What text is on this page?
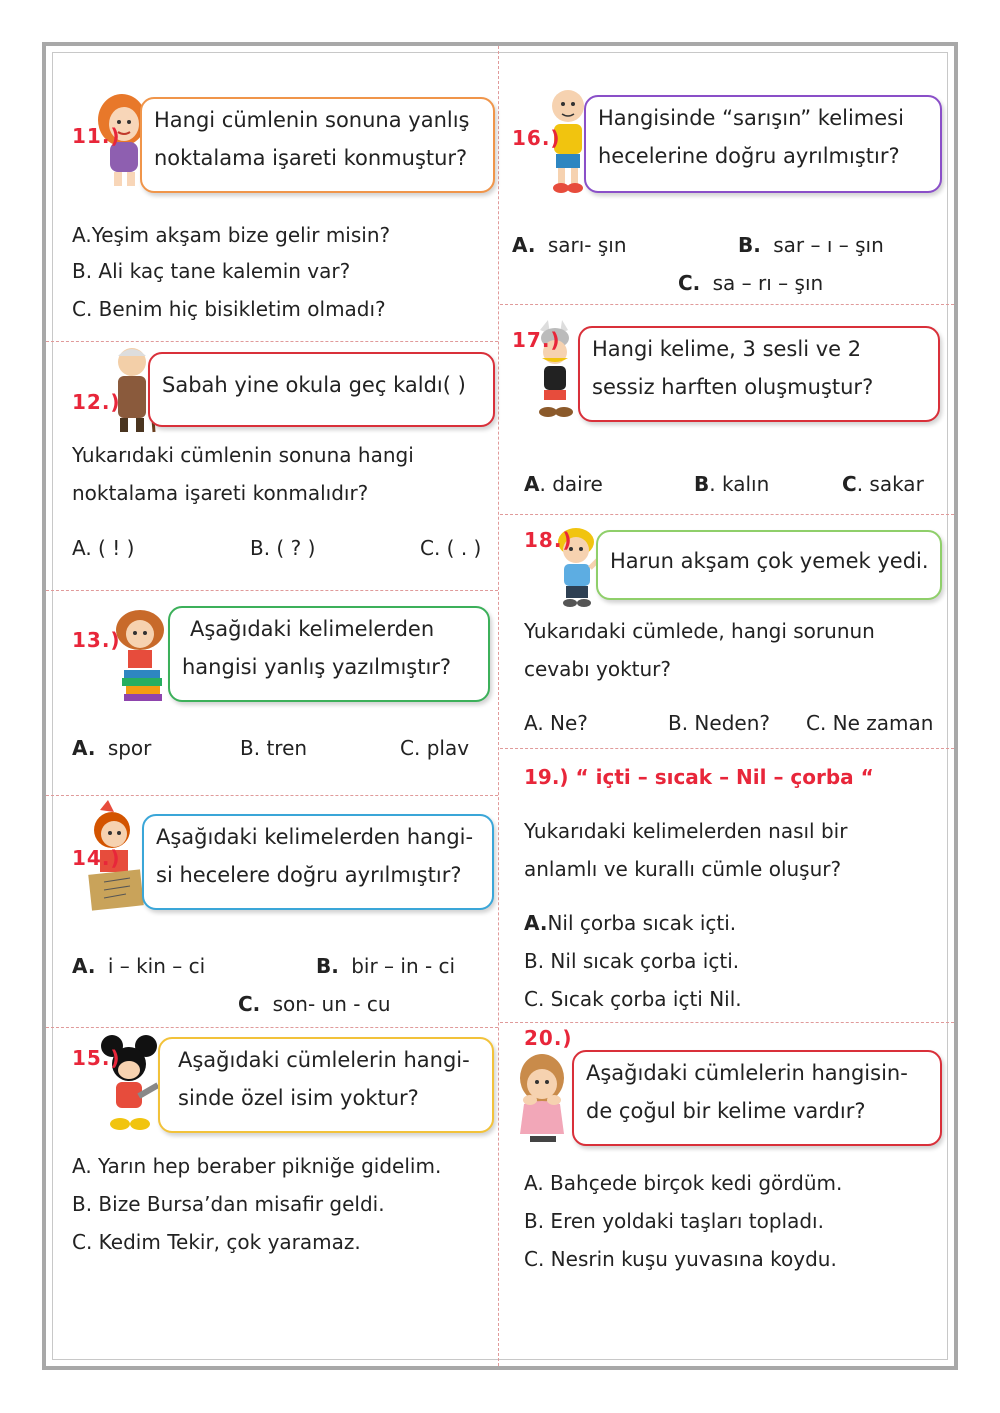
11.)
Hangi cümlenin sonuna yanlış
noktalama işareti konmuştur?
A.Yeşim akşam bize gelir misin?
B. Ali kaç tane kalemin var?
C. Benim hiç bisikletim olmadı?
12.)
Sabah yine okula geç kaldı( )
Yukarıdaki cümlenin sonuna hangi
noktalama işareti konmalıdır?
A. ( ! )	B. ( ? )	C. ( . )
13.)	Aşağıdaki kelimelerden
hangisi yanlış yazılmıştır?
A. spor	B. tren	C. plav
14.)
Aşağıdaki kelimelerden hangi-
si hecelere doğru ayrılmıştır?
A. i – kin – ci	B. bir – in - ci
C. son- un - cu
15.)	Aşağıdaki cümlelerin hangi-
sinde özel isim yoktur?
A. Yarın hep beraber pikniğe gidelim.
B. Bize Bursa’dan misafir geldi.
C. Kedim Tekir, çok yaramaz.
16.)
Hangisinde “sarışın” kelimesi
hecelerine doğru ayrılmıştır?
A. sarı- şın	B. sar – ı – şın
C. sa – rı – şın
17.) Hangi kelime, 3 sesli ve 2
sessiz harften oluşmuştur?
A. daire	B. kalın	C. sakar
18.)
Harun akşam çok yemek yedi.
Yukarıdaki cümlede, hangi sorunun
cevabı yoktur?
A. Ne?	B. Neden? C. Ne zaman
19.) “ içti – sıcak – Nil – çorba “
Yukarıdaki kelimelerden nasıl bir
anlamlı ve kurallı cümle oluşur?
A.Nil çorba sıcak içti.
B. Nil sıcak çorba içti.
C. Sıcak çorba içti Nil.
20.)
Aşağıdaki cümlelerin hangisin-
de çoğul bir kelime vardır?
A. Bahçede birçok kedi gördüm.
B. Eren yoldaki taşları topladı.
C. Nesrin kuşu yuvasına koydu.
